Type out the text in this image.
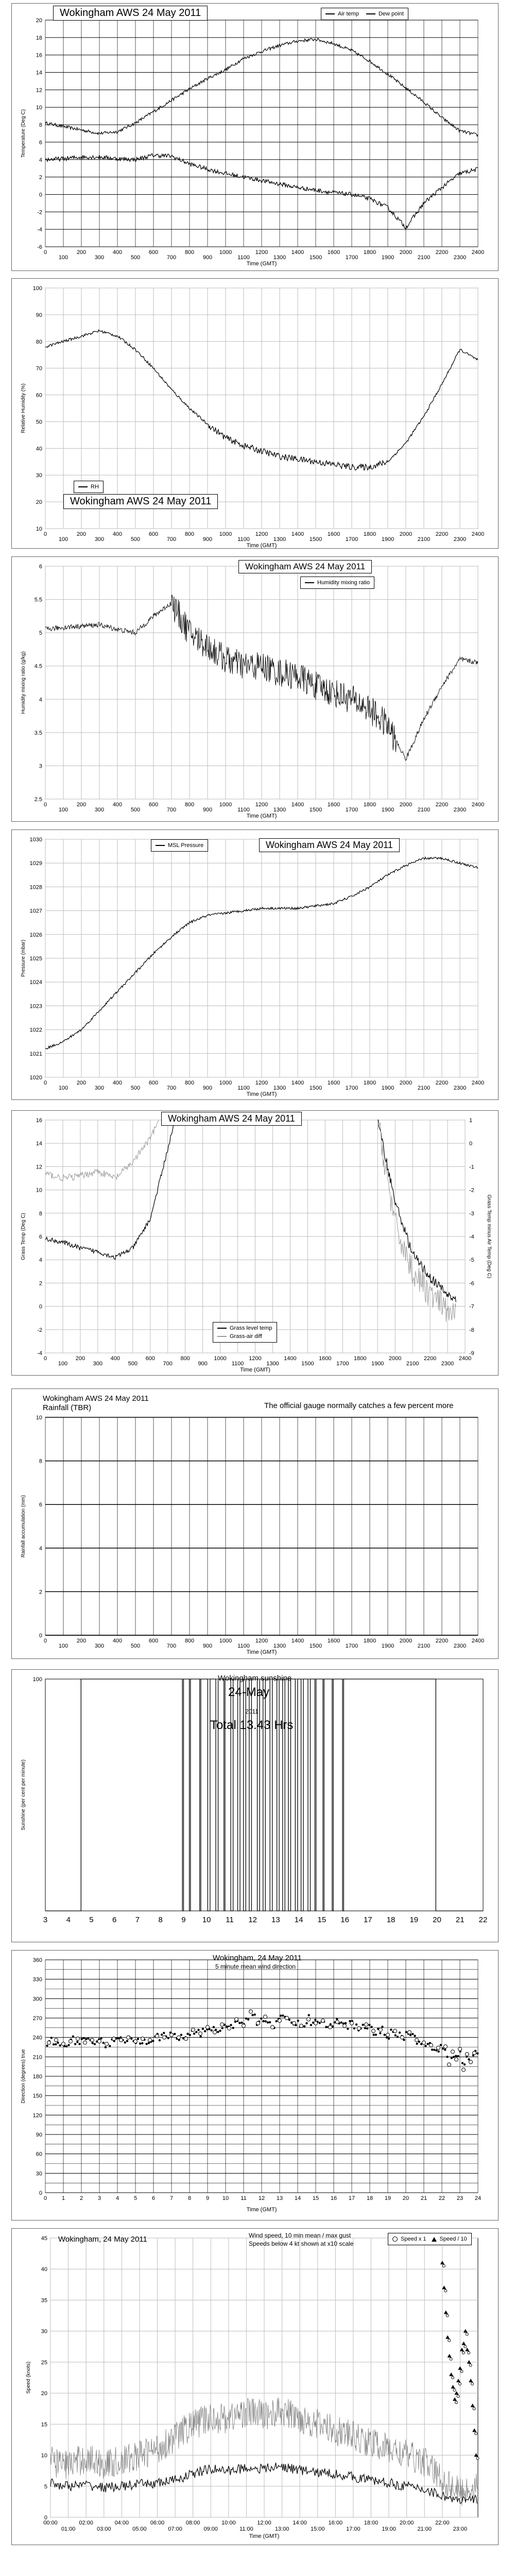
0
100
200
300
400
500
600
700
800
900
1000
1100
1200
1300
1400
1500
1600
1700
1800
1900
2000
2100
2200
2300
2400
-6
-4
-2
0
2
4
6
8
10
12
14
16
18
20
Time (GMT)
Temperature (Deg C)
Wokingham AWS 24 May 2011	Air temp	Dew point
0
100
200
300
400
500
600
700
800
900
1000
1100
1200
1300
1400
1500
1600
1700
1800
1900
2000
2100
2200
2300
2400
10
20
30
40
50
60
70
80
90
100
Time (GMT)
Relative Humidity (%)
RH
Wokingham AWS 24 May 2011
0
100
200
300
400
500
600
700
800
900
1000
1100
1200
1300
1400
1500
1600
1700
1800
1900
2000
2100
2200
2300
2400
2.5
3
3.5
4
4.5
5
5.5
6
Time (GMT)
Humidity mixing ratio (g/kg)
Wokingham AWS 24 May 2011
Humidity mixing ratio
0
100
200
300
400
500
600
700
800
900
1000
1100
1200
1300
1400
1500
1600
1700
1800
1900
2000
2100
2200
2300
2400
1020
1021
1022
1023
1024
1025
1026
1027
1028
1029
1030
Time (GMT)
Pressure (mbar)
MSL Pressure	Wokingham AWS 24 May 2011
0
100
200
300
400
500
600
700
800
900
1000
1100
1200
1300
1400
1500
1600
1700
1800
1900
2000
2100
2200
2300
2400
-4
-2
0
2
4
6
8
10
12
14
16
-9
-8
-7
-6
-5
-4
-3
-2
-1
0
1
Grass Temp minus Air Temp (Deg C)
Time (GMT)
Grass Temp (Deg C)
Wokingham AWS 24 May 2011
Grass level temp
Grass-air diff
0
100
200
300
400
500
600
700
800
900
1000
1100
1200
1300
1400
1500
1600
1700
1800
1900
2000
2100
2200
2300
2400
0
2
4
6
8
10
Time (GMT)
Rainfall accumulation (mm)
Wokingham AWS 24 May 2011
Rainfall (TBR)	The official gauge normally catches a few percent more
3 4 5 6 7 8 9 10 11 12 13 14 15 16 17 18 19 20 21 22
100
Sunshine (per cent per minute)
Wokingham sunshine
24-May
2011
Total 13.43 Hrs
0	1	2	3	4	5	6	7	8	9 10 11 12 13 14 15 16 17 18 19 20 21 22 23 24
0
30
60
90
120
150
180
210
240
270
300
330
360
Time (GMT)
Direction (degrees) true
Wokingham, 24 May 2011
5 minute mean wind direction
00:00
01:00
02:00
03:00
04:00
05:00
06:00
07:00
08:00
09:00
10:00
11:00
12:00
13:00
14:00
15:00
16:00
17:00
18:00
19:00
20:00
21:00
22:00
23:00
0
5
10
15
20
25
30
35
40
45
Time (GMT)
Speed (knots)
Wokingham, 24 May 2011	Wind speed, 10 min mean / max gust
Speeds below 4 kt shown at x10 scale
Speed x 1 Speed / 10
